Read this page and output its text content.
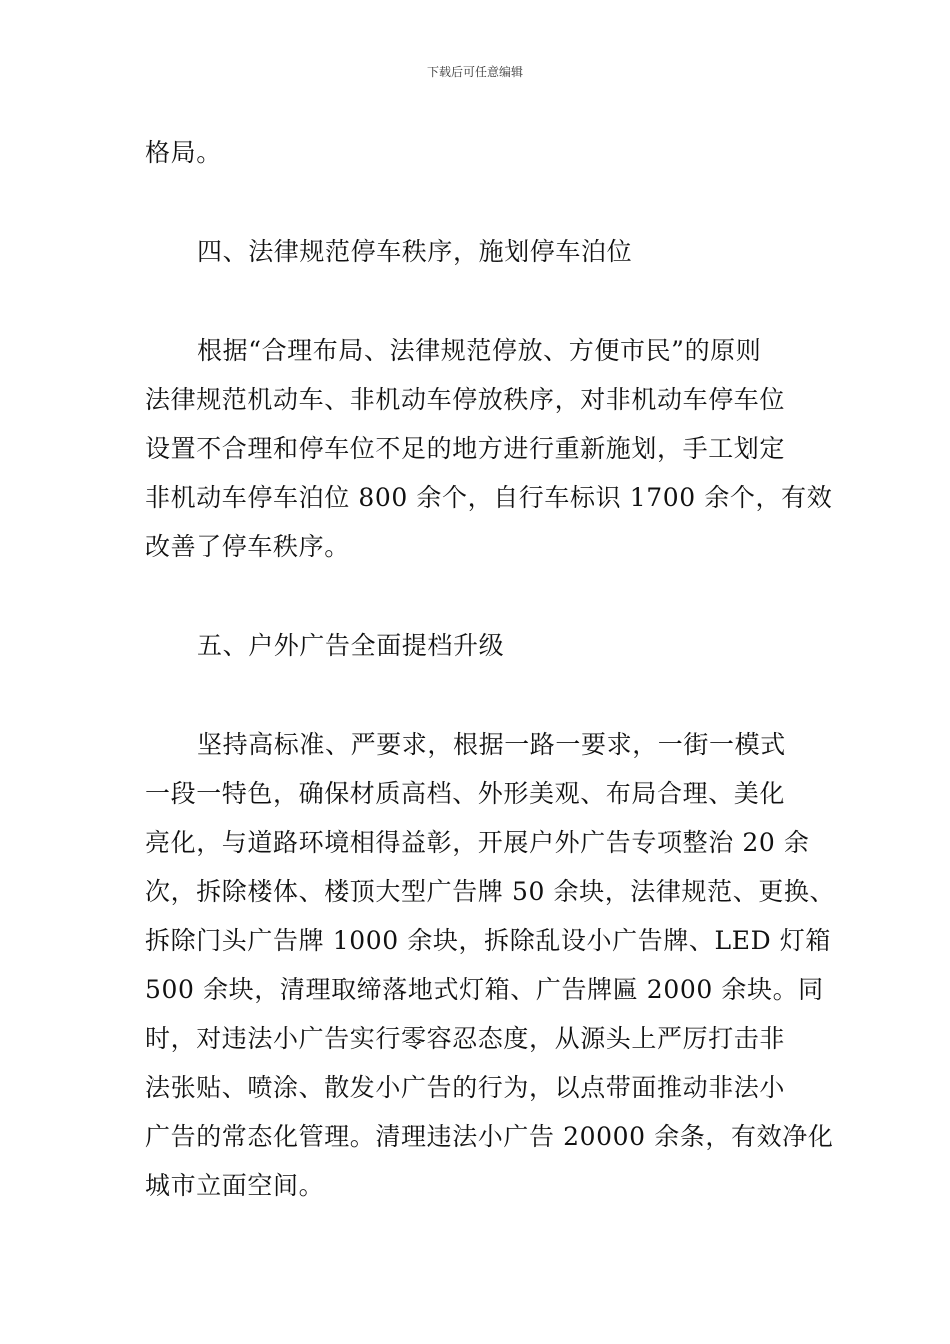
下载后可任意编辑

格局。

四、法律规范停车秩序，施划停车泊位

根据“合理布局、法律规范停放、方便市民”的原则
法律规范机动车、非机动车停放秩序，对非机动车停车位
设置不合理和停车位不足的地方进行重新施划，手工划定
非机动车停车泊位 800 余个，自行车标识 1700 余个，有效
改善了停车秩序。

五、户外广告全面提档升级

坚持高标准、严要求，根据一路一要求，一街一模式
一段一特色，确保材质高档、外形美观、布局合理、美化
亮化，与道路环境相得益彰，开展户外广告专项整治 20 余
次，拆除楼体、楼顶大型广告牌 50 余块，法律规范、更换、
拆除门头广告牌 1000 余块，拆除乱设小广告牌、LED 灯箱
500 余块，清理取缔落地式灯箱、广告牌匾 2000 余块。同
时，对违法小广告实行零容忍态度，从源头上严厉打击非
法张贴、喷涂、散发小广告的行为，以点带面推动非法小
广告的常态化管理。清理违法小广告 20000 余条，有效净化
城市立面空间。
